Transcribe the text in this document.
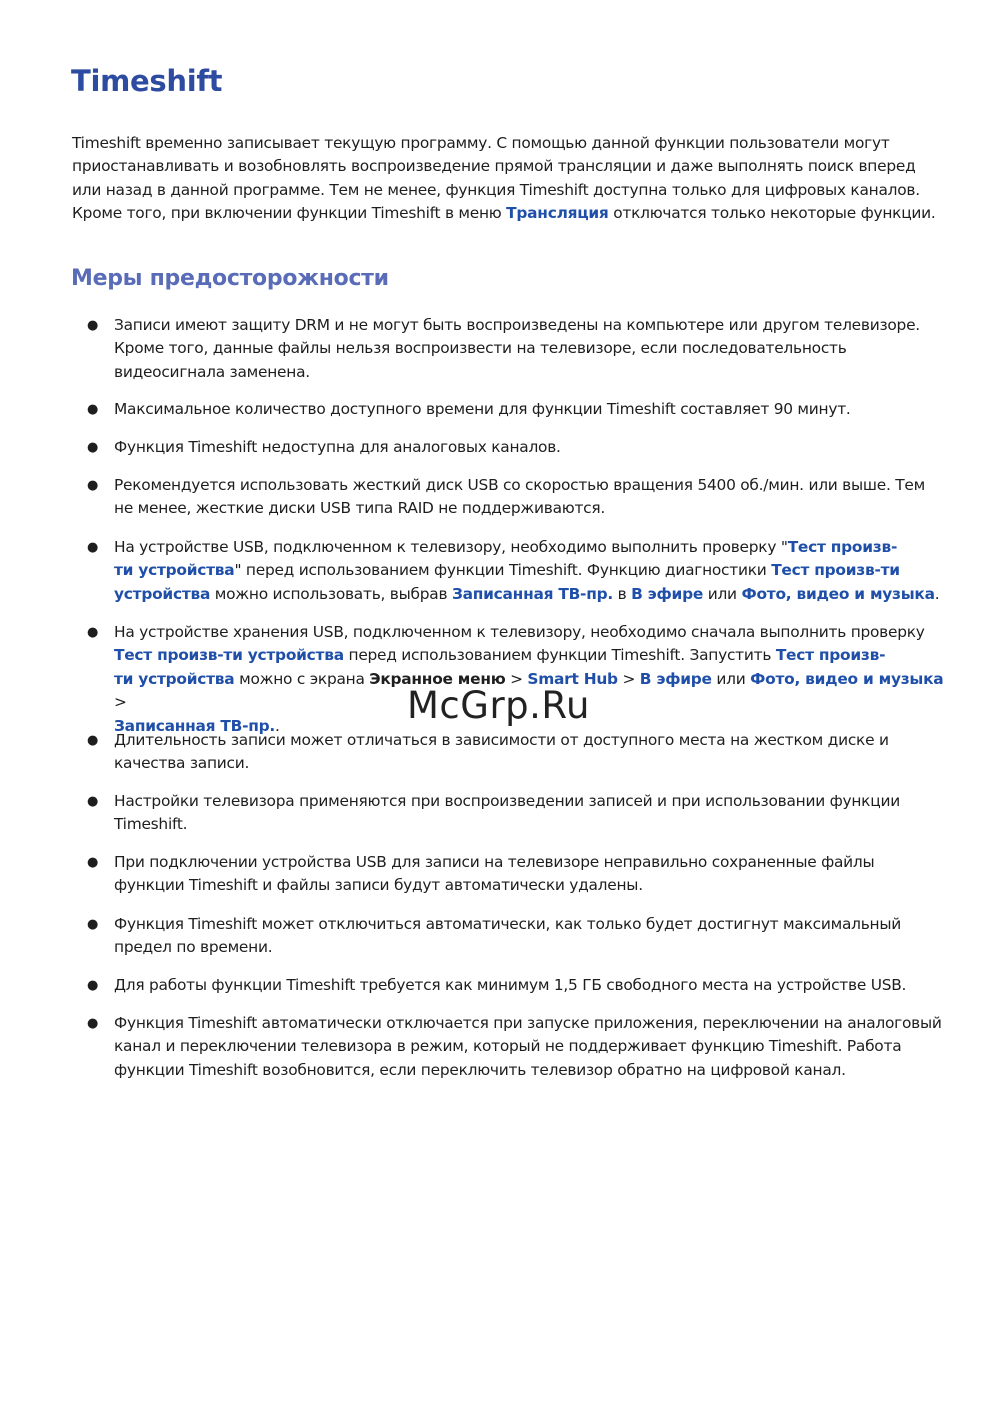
Timeshift

Timeshift временно записывает текущую программу. С помощью данной функции пользователи могут
приостанавливать и возобновлять воспроизведение прямой трансляции и даже выполнять поиск вперед
или назад в данной программе. Тем не менее, функция Timeshift доступна только для цифровых каналов.
Кроме того, при включении функции Timeshift в меню Трансляция отключатся только некоторые функции.

Меры предосторожности
● Записи имеют защиту DRM и не могут быть воспроизведены на компьютере или другом телевизоре.
Кроме того, данные файлы нельзя воспроизвести на телевизоре, если последовательность
видеосигнала заменена.
● Максимальное количество доступного времени для функции Timeshift составляет 90 минут.
● Функция Timeshift недоступна для аналоговых каналов.
● Рекомендуется использовать жесткий диск USB со скоростью вращения 5400 об./мин. или выше. Тем
не менее, жесткие диски USB типа RAID не поддерживаются.
● На устройстве USB, подключенном к телевизору, необходимо выполнить проверку "Тест произв-
ти устройства" перед использованием функции Timeshift. Функцию диагностики Тест произв-ти
устройства можно использовать, выбрав Записанная ТВ-пр. в В эфире или Фото, видео и музыка.
● На устройстве хранения USB, подключенном к телевизору, необходимо сначала выполнить проверку
Тест произв-ти устройства перед использованием функции Timeshift. Запустить Тест произв-
ти устройства можно с экрана Экранное меню > Smart Hub > В эфире или Фото, видео и музыка >
Записанная ТВ-пр..
● Длительность записи может отличаться в зависимости от доступного места на жестком диске и
качества записи.
● Настройки телевизора применяются при воспроизведении записей и при использовании функции
Timeshift.
● При подключении устройства USB для записи на телевизоре неправильно сохраненные файлы
функции Timeshift и файлы записи будут автоматически удалены.
● Функция Timeshift может отключиться автоматически, как только будет достигнут максимальный
предел по времени.
● Для работы функции Timeshift требуется как минимум 1,5 ГБ свободного места на устройстве USB.
● Функция Timeshift автоматически отключается при запуске приложения, переключении на аналоговый
канал и переключении телевизора в режим, который не поддерживает функцию Timeshift. Работа
функции Timeshift возобновится, если переключить телевизор обратно на цифровой канал.
McGrp.Ru
